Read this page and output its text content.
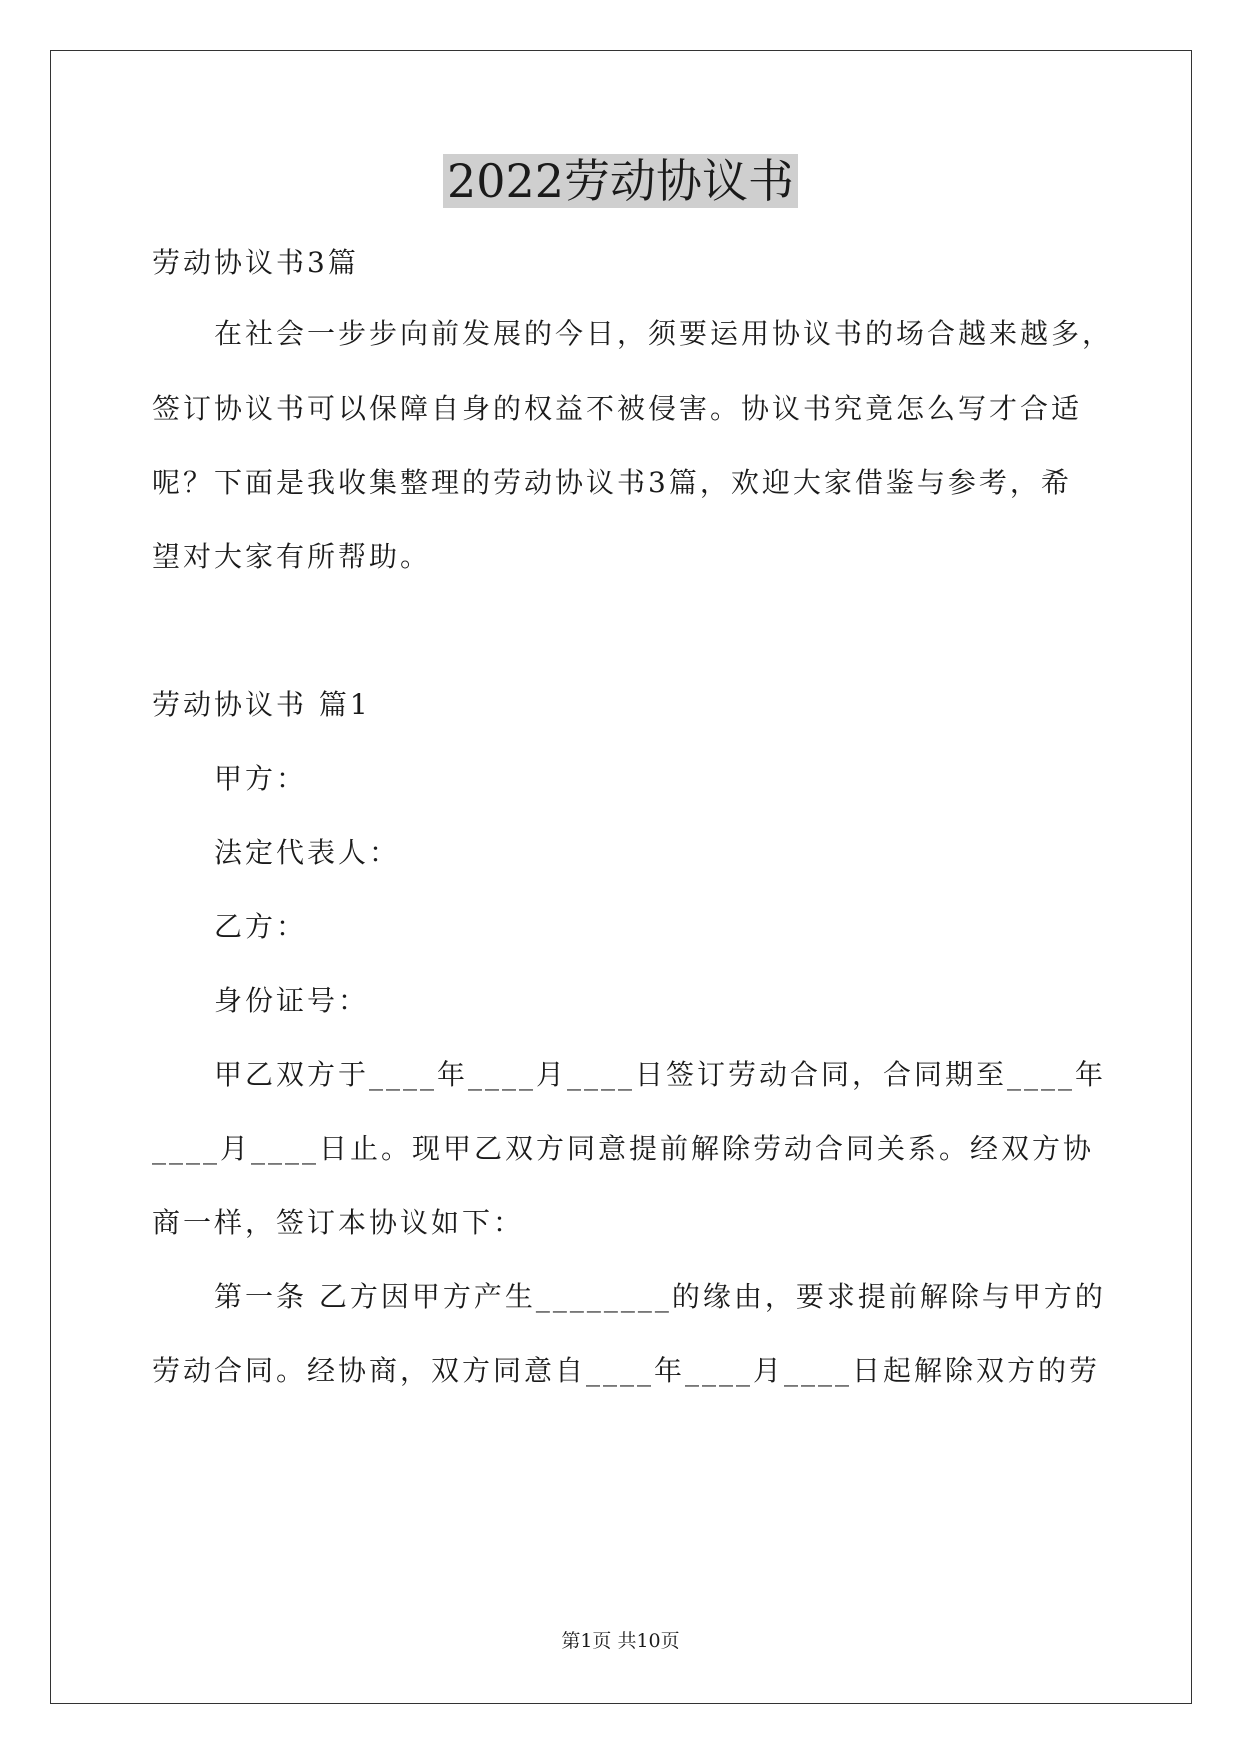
2022劳动协议书
劳动协议书3篇
在社会一步步向前发展的今日，须要运用协议书的场合越来越多，
签订协议书可以保障自身的权益不被侵害。协议书究竟怎么写才合适
呢？下面是我收集整理的劳动协议书3篇，欢迎大家借鉴与参考，希
望对大家有所帮助。
劳动协议书 篇1
甲方：
法定代表人：
乙方：
身份证号：
甲乙双方于____年____月____日签订劳动合同，合同期至____年
____月____日止。现甲乙双方同意提前解除劳动合同关系。经双方协
商一样，签订本协议如下：
第一条 乙方因甲方产生________的缘由，要求提前解除与甲方的
劳动合同。经协商，双方同意自____年____月____日起解除双方的劳
第1页 共10页
